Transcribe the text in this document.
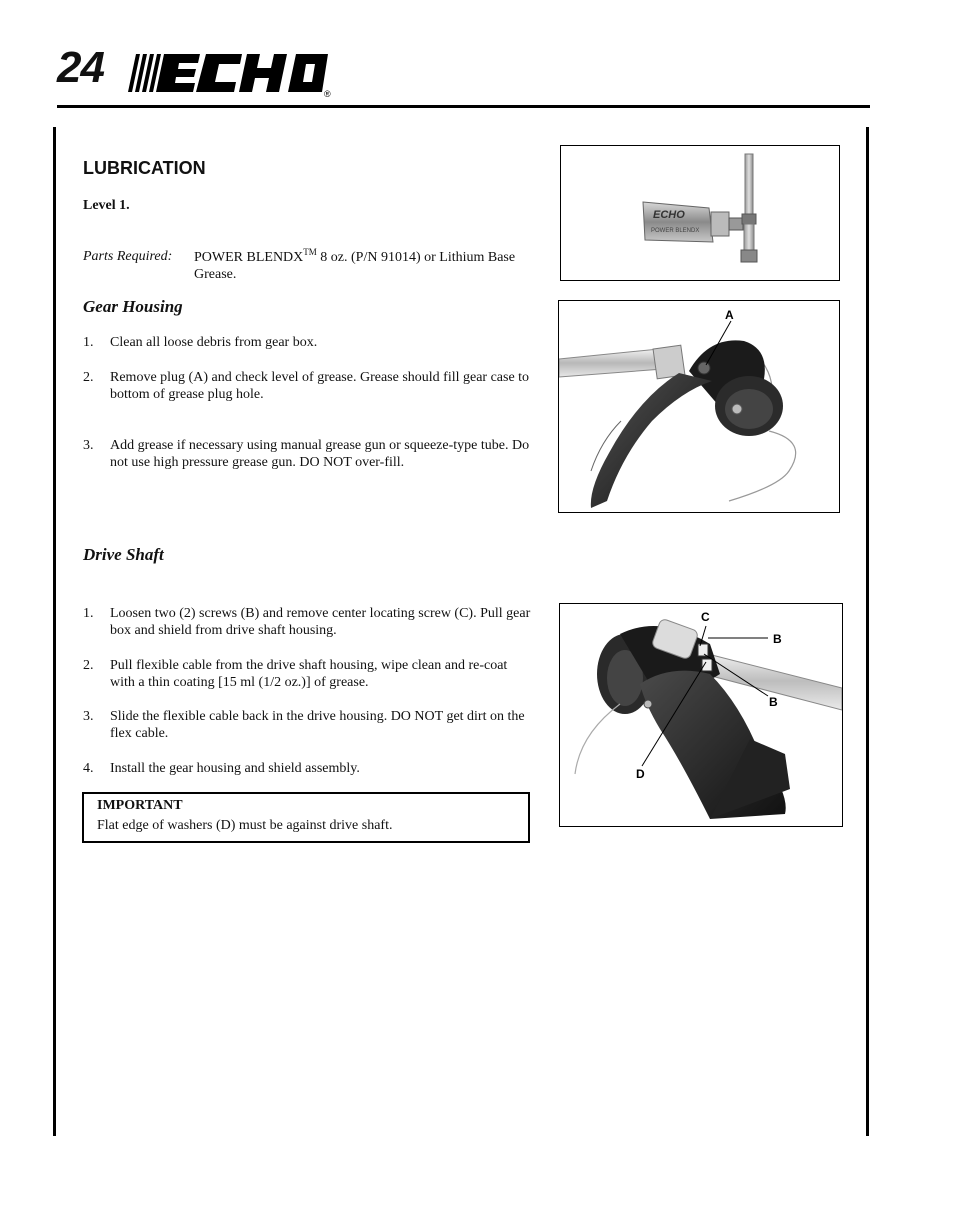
24
®
LUBRICATION
Level 1.
Parts Required: POWER BLENDX™ 8 oz. (P/N 91014) or Lithium Base Grease.
Gear Housing
1.	Clean all loose debris from gear box.
2.	Remove plug (A) and check level of grease. Grease should fill gear case to bottom of grease plug hole.
3.	Add grease if necessary using manual grease gun or squeeze-type tube. Do not use high pressure grease gun. DO NOT over-fill.
Drive Shaft
1.	Loosen two (2) screws (B) and remove center locating screw (C). Pull gear box and shield from drive shaft housing.
2.	Pull flexible cable from the drive shaft housing, wipe clean and re-coat with a thin coating [15 ml (1/2 oz.)] of grease.
3.	Slide the flexible cable back in the drive housing. DO NOT get dirt on the flex cable.
4.	Install the gear housing and shield assembly.
IMPORTANT
Flat edge of washers (D) must be against drive shaft.
ECHO
POWER BLENDX
A
C
B
B
D
